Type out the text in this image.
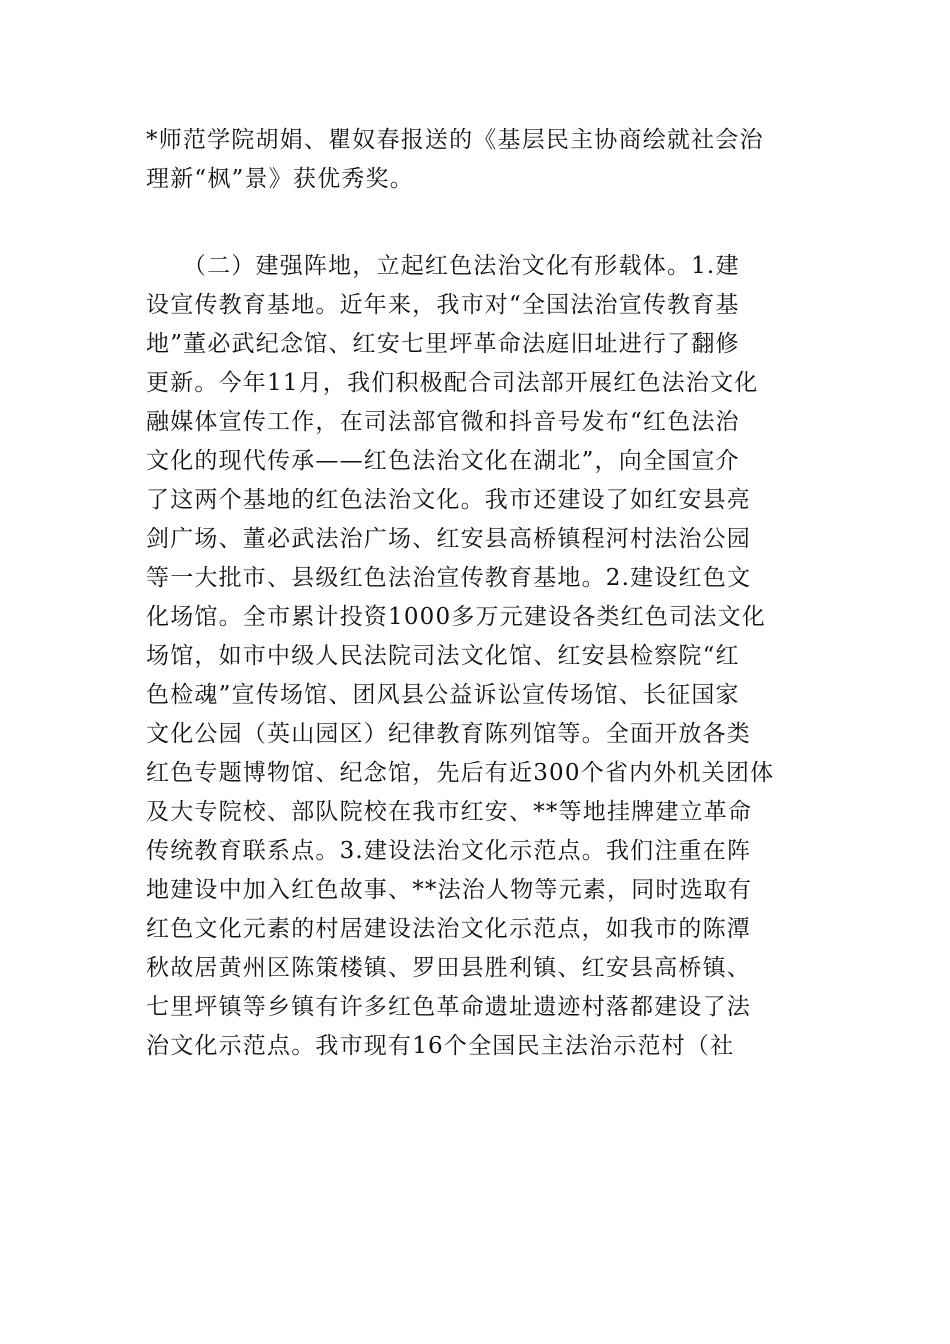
*师范学院胡娟、瞿奴春报送的《基层民主协商绘就社会治
理新“枫”景》获优秀奖。
　　（二）建强阵地，立起红色法治文化有形载体。1.建
设宣传教育基地。近年来，我市对“全国法治宣传教育基
地”董必武纪念馆、红安七里坪革命法庭旧址进行了翻修
更新。今年11月，我们积极配合司法部开展红色法治文化
融媒体宣传工作，在司法部官微和抖音号发布“红色法治
文化的现代传承——红色法治文化在湖北”，向全国宣介
了这两个基地的红色法治文化。我市还建设了如红安县亮
剑广场、董必武法治广场、红安县高桥镇程河村法治公园
等一大批市、县级红色法治宣传教育基地。2.建设红色文
化场馆。全市累计投资1000多万元建设各类红色司法文化
场馆，如市中级人民法院司法文化馆、红安县检察院“红
色检魂”宣传场馆、团风县公益诉讼宣传场馆、长征国家
文化公园（英山园区）纪律教育陈列馆等。全面开放各类
红色专题博物馆、纪念馆，先后有近300个省内外机关团体
及大专院校、部队院校在我市红安、**等地挂牌建立革命
传统教育联系点。3.建设法治文化示范点。我们注重在阵
地建设中加入红色故事、**法治人物等元素，同时选取有
红色文化元素的村居建设法治文化示范点，如我市的陈潭
秋故居黄州区陈策楼镇、罗田县胜利镇、红安县高桥镇、
七里坪镇等乡镇有许多红色革命遗址遗迹村落都建设了法
治文化示范点。我市现有16个全国民主法治示范村（社
